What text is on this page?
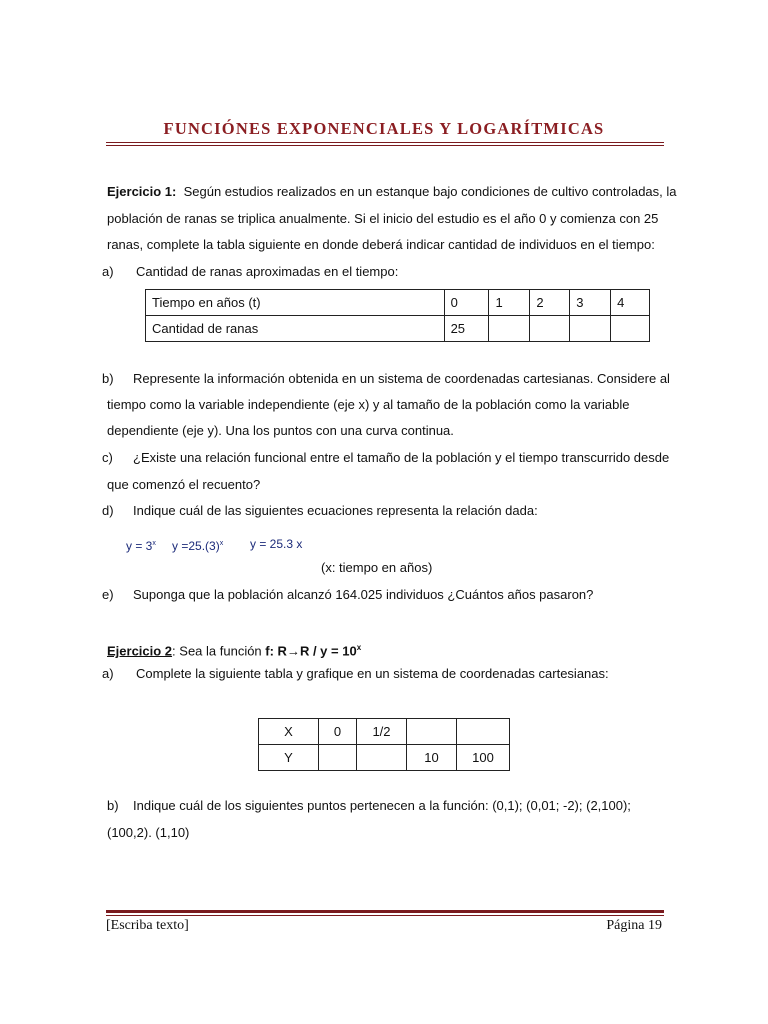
FUNCIÓNES EXPONENCIALES Y LOGARÍTMICAS
Ejercicio 1: Según estudios realizados en un estanque bajo condiciones de cultivo controladas, la
población de ranas se triplica anualmente. Si el inicio del estudio es el año 0 y comienza con 25
ranas, complete la tabla siguiente en donde deberá indicar cantidad de individuos en el tiempo:
a) Cantidad de ranas aproximadas en el tiempo:
Tiempo en años (t)	0	1	2	3	4
Cantidad de ranas	25				
b) Represente la información obtenida en un sistema de coordenadas cartesianas. Considere al
tiempo como la variable independiente (eje x) y al tamaño de la población como la variable
dependiente (eje y). Una los puntos con una curva continua.
c) ¿Existe una relación funcional entre el tamaño de la población y el tiempo transcurrido desde
que comenzó el recuento?
d) Indique cuál de las siguientes ecuaciones representa la relación dada:
$y = 3^x$ $y =25.(3)^x$ y = 25.3 x
(x: tiempo en años)
e) Suponga que la población alcanzó 164.025 individuos ¿Cuántos años pasaron?
Ejercicio 2: Sea la función f: $R\to R / y = 10^x$
a) Complete la siguiente tabla y grafique en un sistema de coordenadas cartesianas:
X	0	1/2		
Y			10	100
b) Indique cuál de los siguientes puntos pertenecen a la función: (0,1); (0,01; -2); (2,100);
(100,2). (1,10)
[Escriba texto]	Página 19
